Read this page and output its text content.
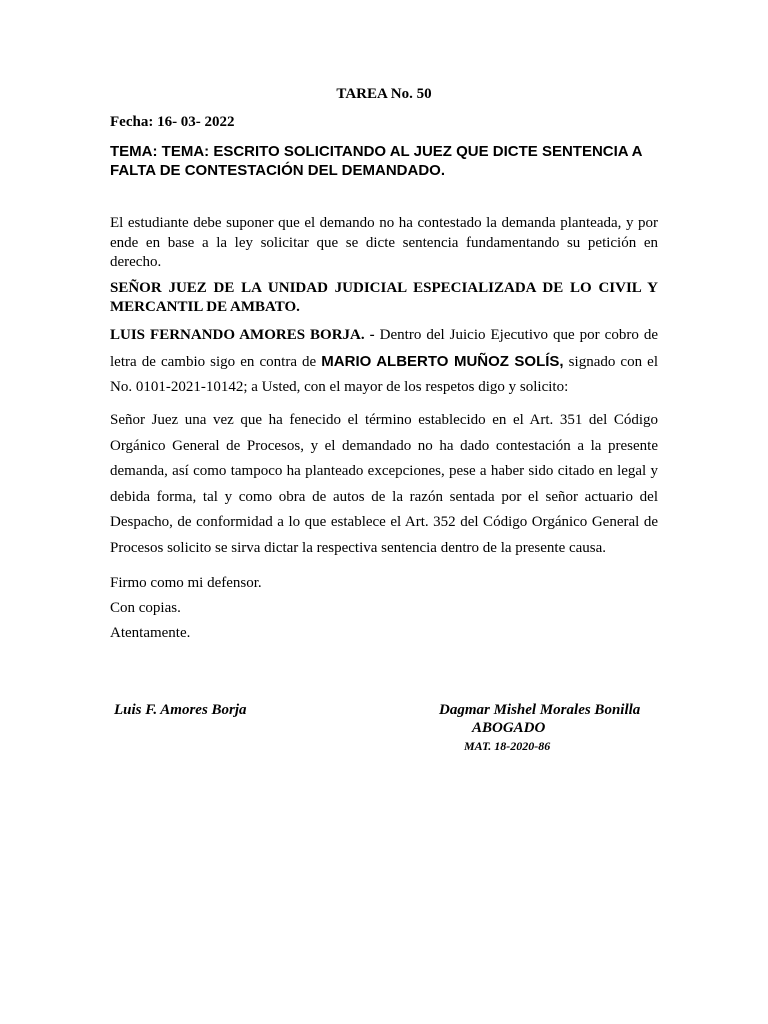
TAREA No. 50
Fecha: 16- 03- 2022
TEMA: TEMA: ESCRITO SOLICITANDO AL JUEZ QUE DICTE SENTENCIA A FALTA DE CONTESTACIÓN DEL DEMANDADO.
El estudiante debe suponer que el demando no ha contestado la demanda planteada, y por ende en base a la ley solicitar que se dicte sentencia fundamentando su petición en derecho.
SEÑOR JUEZ DE LA UNIDAD JUDICIAL ESPECIALIZADA DE LO CIVIL Y MERCANTIL DE AMBATO.
LUIS FERNANDO AMORES BORJA. - Dentro del Juicio Ejecutivo que por cobro de letra de cambio sigo en contra de MARIO ALBERTO MUÑOZ SOLÍS, signado con el No. 0101-2021-10142; a Usted, con el mayor de los respetos digo y solicito:
Señor Juez una vez que ha fenecido el término establecido en el Art. 351 del Código Orgánico General de Procesos, y el demandado no ha dado contestación a la presente demanda, así como tampoco ha planteado excepciones, pese a haber sido citado en legal y debida forma, tal y como obra de autos de la razón sentada por el señor actuario del Despacho, de conformidad a lo que establece el Art. 352 del Código Orgánico General de Procesos solicito se sirva dictar la respectiva sentencia dentro de la presente causa.
Firmo como mi defensor.
Con copias.
Atentamente.
Luis F. Amores Borja	Dagmar Mishel Morales Bonilla
ABOGADO
MAT. 18-2020-86
